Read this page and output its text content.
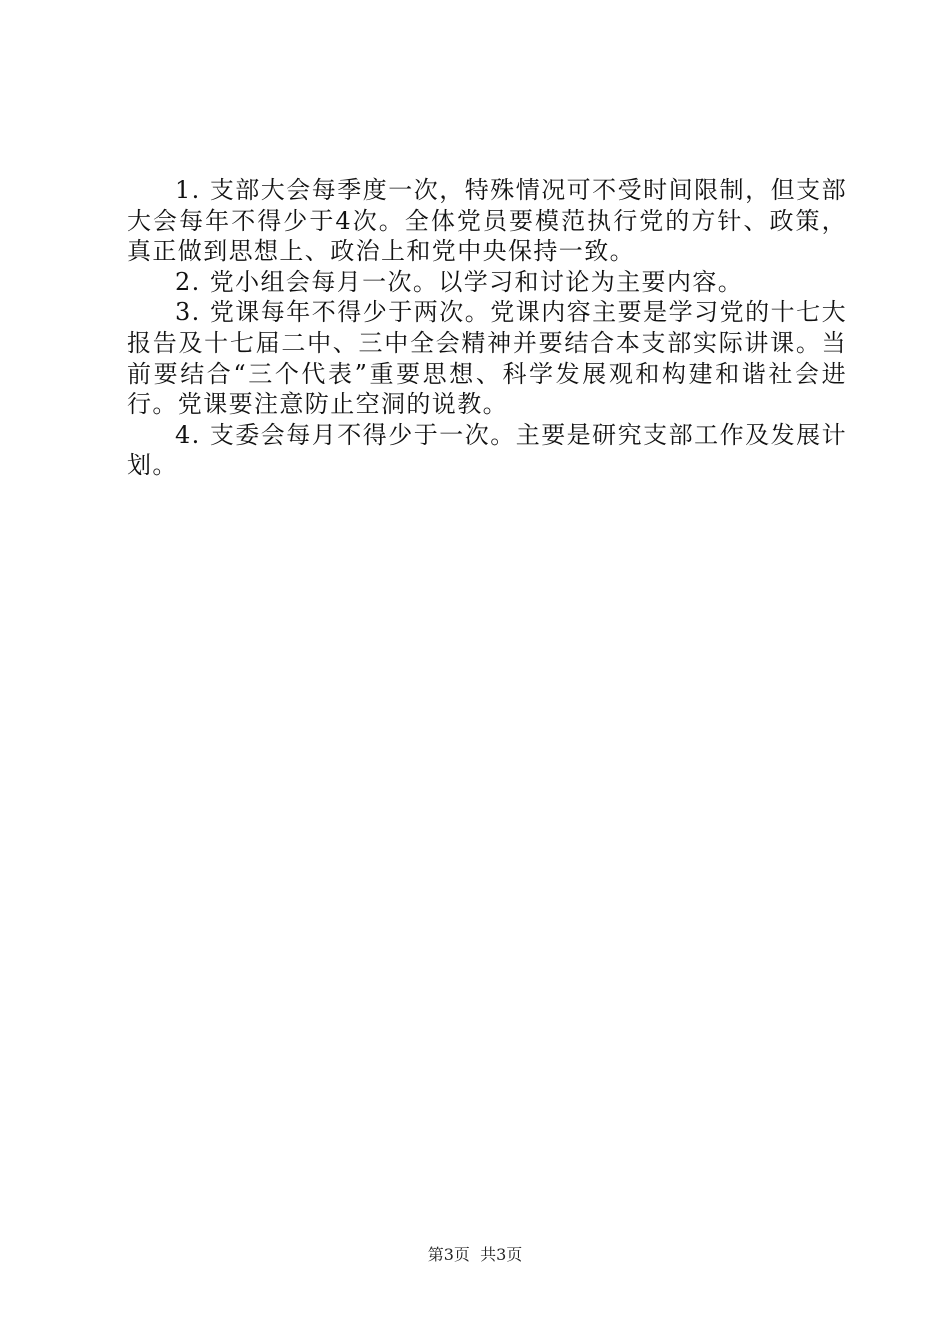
1. 支部大会每季度一次，特殊情况可不受时间限制，但支部大会每年不得少于4次。全体党员要模范执行党的方针、政策，真正做到思想上、政治上和党中央保持一致。

2. 党小组会每月一次。以学习和讨论为主要内容。

3. 党课每年不得少于两次。党课内容主要是学习党的十七大报告及十七届二中、三中全会精神并要结合本支部实际讲课。当前要结合“三个代表”重要思想、科学发展观和构建和谐社会进行。党课要注意防止空洞的说教。

4. 支委会每月不得少于一次。主要是研究支部工作及发展计划。

第3页  共3页
